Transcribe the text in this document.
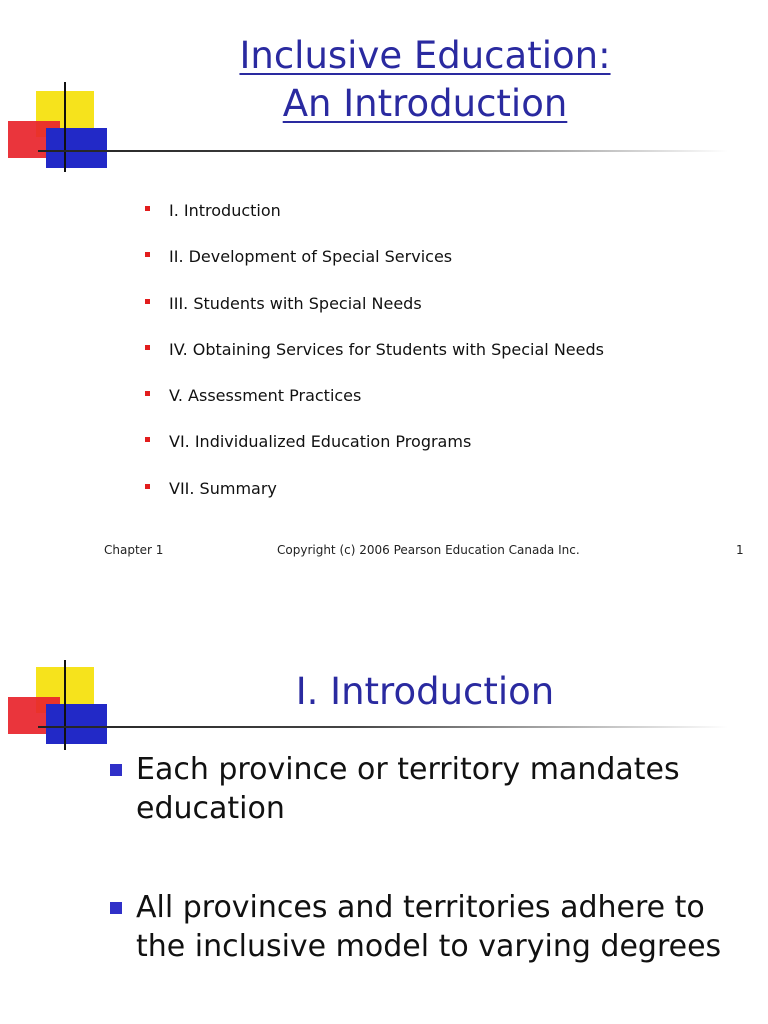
Inclusive Education:
An Introduction
I. Introduction
II. Development of Special Services
III. Students with Special Needs
IV. Obtaining Services for Students with Special Needs
V. Assessment Practices
VI. Individualized Education Programs
VII. Summary
Chapter 1	Copyright (c) 2006 Pearson Education Canada Inc.	1
I. Introduction
Each province or territory mandates education
All provinces and territories adhere to the inclusive model to varying degrees
